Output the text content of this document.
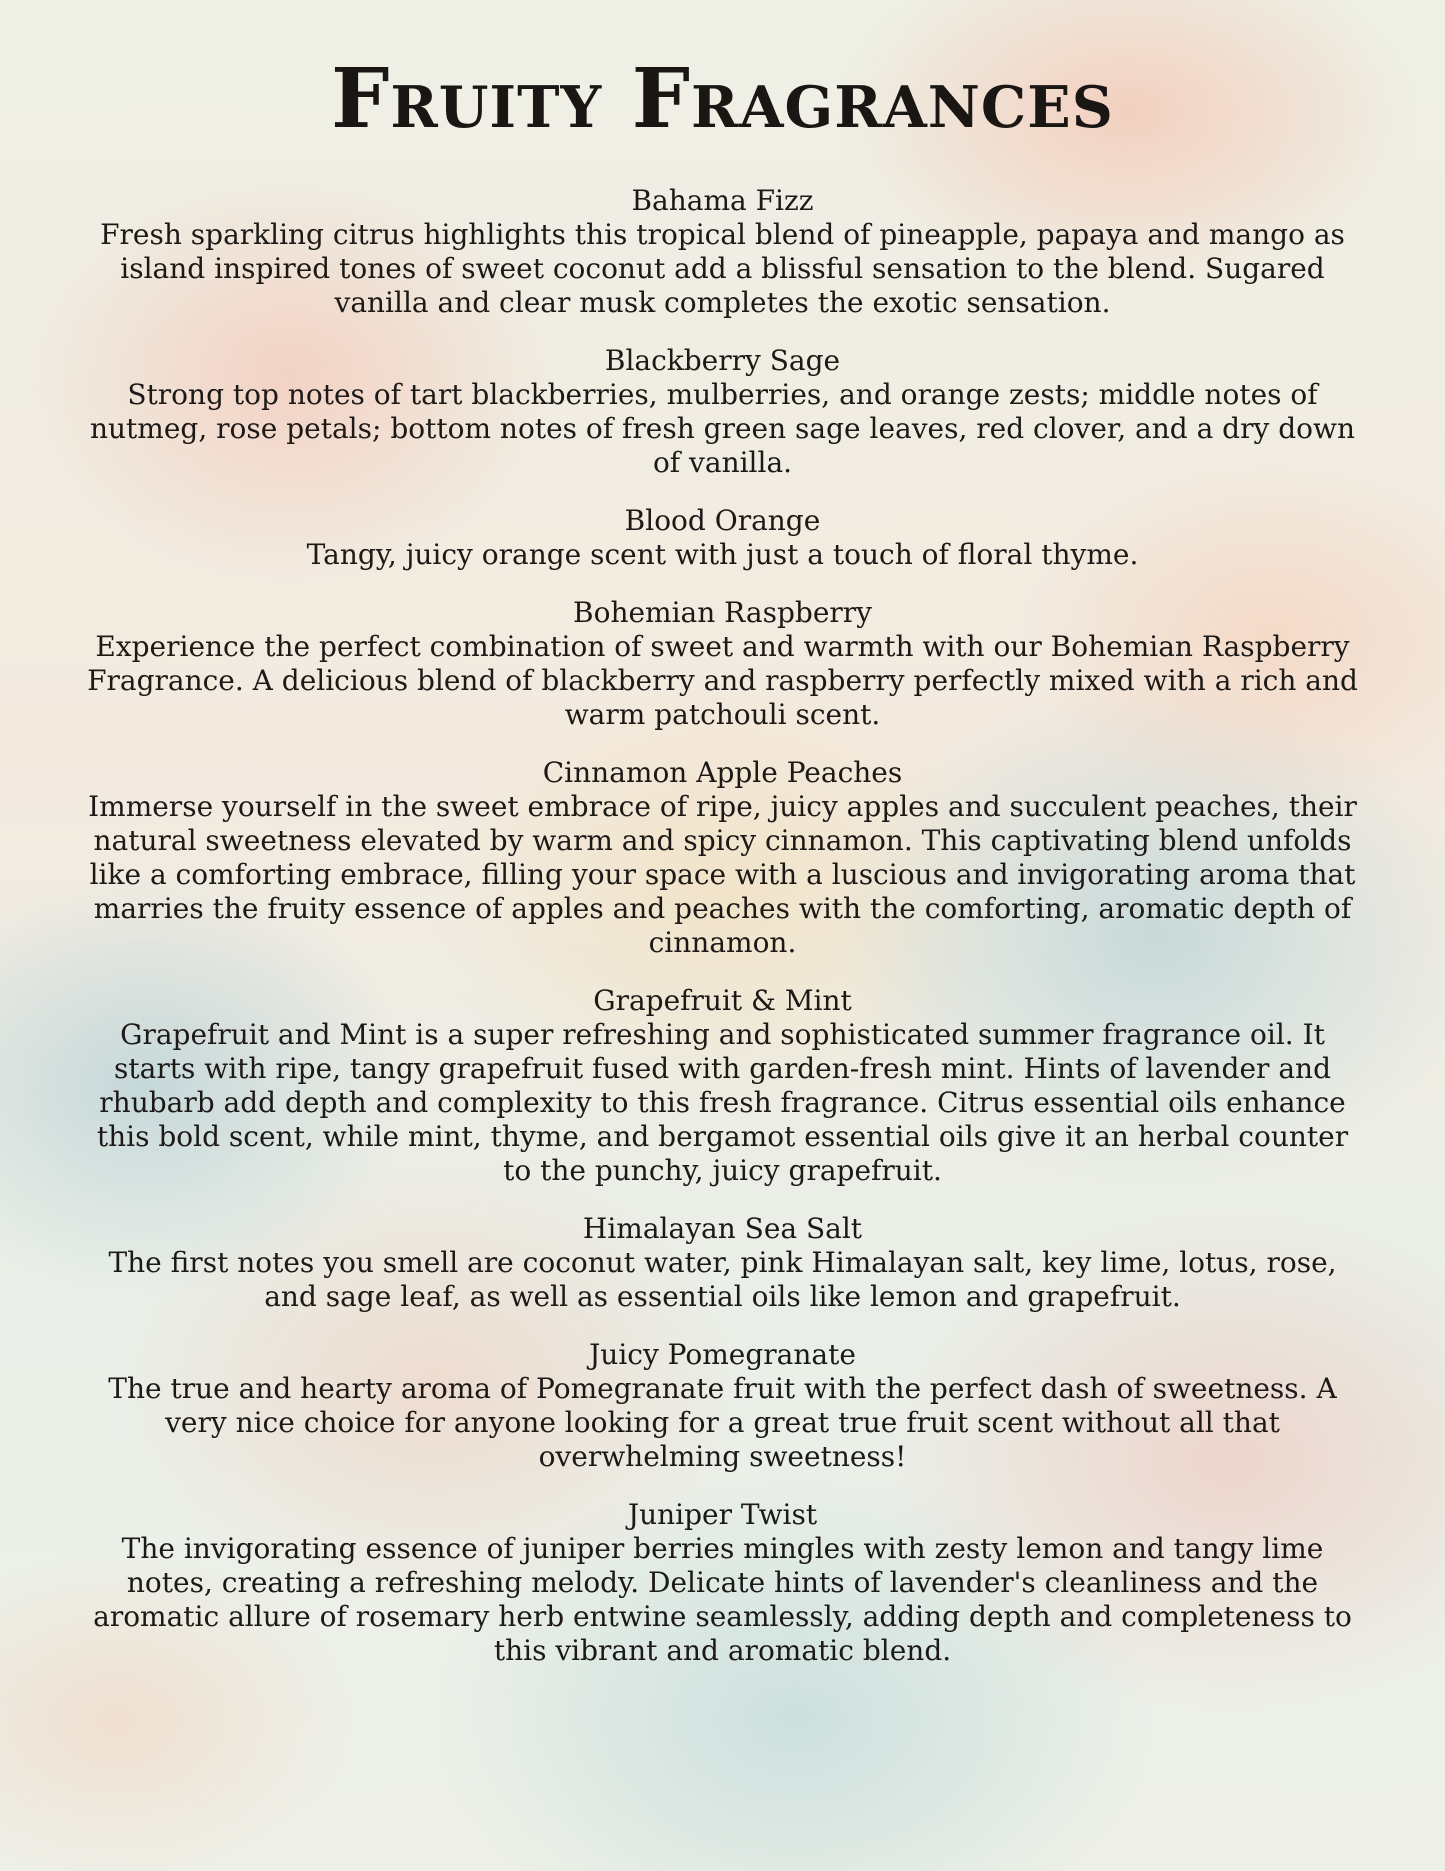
Fruity Fragrances
Bahama Fizz
Fresh sparkling citrus highlights this tropical blend of pineapple, papaya and mango as island inspired tones of sweet coconut add a blissful sensation to the blend. Sugared vanilla and clear musk completes the exotic sensation.
Blackberry Sage
Strong top notes of tart blackberries, mulberries, and orange zests; middle notes of nutmeg, rose petals; bottom notes of fresh green sage leaves, red clover, and a dry down of vanilla.
Blood Orange
Tangy, juicy orange scent with just a touch of floral thyme.
Bohemian Raspberry
Experience the perfect combination of sweet and warmth with our Bohemian Raspberry Fragrance. A delicious blend of blackberry and raspberry perfectly mixed with a rich and warm patchouli scent.
Cinnamon Apple Peaches
Immerse yourself in the sweet embrace of ripe, juicy apples and succulent peaches, their natural sweetness elevated by warm and spicy cinnamon. This captivating blend unfolds like a comforting embrace, filling your space with a luscious and invigorating aroma that marries the fruity essence of apples and peaches with the comforting, aromatic depth of cinnamon.
Grapefruit & Mint
Grapefruit and Mint is a super refreshing and sophisticated summer fragrance oil. It starts with ripe, tangy grapefruit fused with garden-fresh mint. Hints of lavender and rhubarb add depth and complexity to this fresh fragrance. Citrus essential oils enhance this bold scent, while mint, thyme, and bergamot essential oils give it an herbal counter to the punchy, juicy grapefruit.
Himalayan Sea Salt
The first notes you smell are coconut water, pink Himalayan salt, key lime, lotus, rose, and sage leaf, as well as essential oils like lemon and grapefruit.
Juicy Pomegranate
The true and hearty aroma of Pomegranate fruit with the perfect dash of sweetness. A very nice choice for anyone looking for a great true fruit scent without all that overwhelming sweetness!
Juniper Twist
The invigorating essence of juniper berries mingles with zesty lemon and tangy lime notes, creating a refreshing melody. Delicate hints of lavender's cleanliness and the aromatic allure of rosemary herb entwine seamlessly, adding depth and completeness to this vibrant and aromatic blend.
